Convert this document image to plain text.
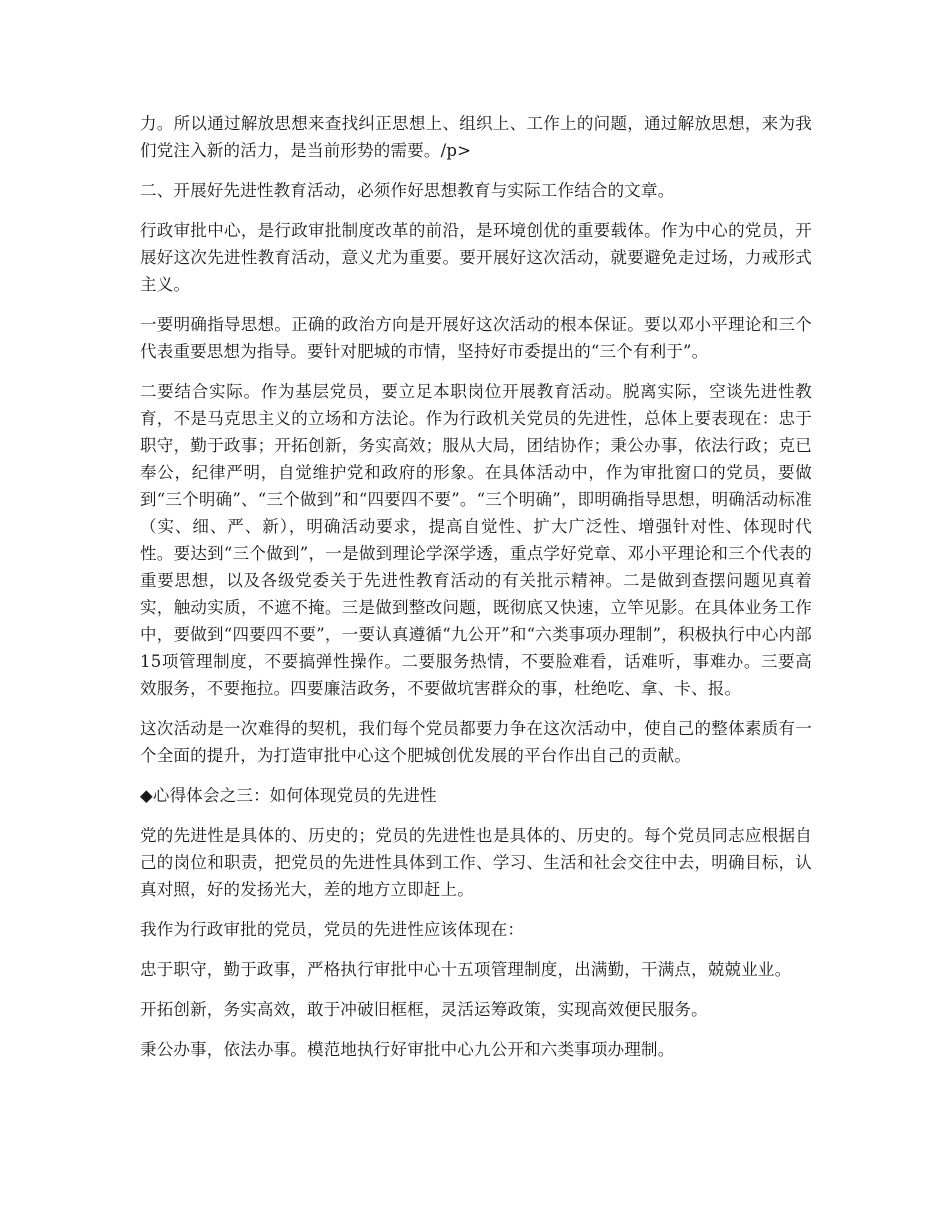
力。所以通过解放思想来查找纠正思想上、组织上、工作上的问题，通过解放思想，来为我们党注入新的活力，是当前形势的需要。/p>

二、开展好先进性教育活动，必须作好思想教育与实际工作结合的文章。

行政审批中心，是行政审批制度改革的前沿，是环境创优的重要载体。作为中心的党员，开展好这次先进性教育活动，意义尤为重要。要开展好这次活动，就要避免走过场，力戒形式主义。

一要明确指导思想。正确的政治方向是开展好这次活动的根本保证。要以邓小平理论和三个代表重要思想为指导。要针对肥城的市情，坚持好市委提出的“三个有利于”。

二要结合实际。作为基层党员，要立足本职岗位开展教育活动。脱离实际，空谈先进性教育，不是马克思主义的立场和方法论。作为行政机关党员的先进性，总体上要表现在：忠于职守，勤于政事；开拓创新，务实高效；服从大局，团结协作；秉公办事，依法行政；克已奉公，纪律严明，自觉维护党和政府的形象。在具体活动中，作为审批窗口的党员，要做到“三个明确”、“三个做到”和“四要四不要”。“三个明确”，即明确指导思想，明确活动标准（实、细、严、新），明确活动要求，提高自觉性、扩大广泛性、增强针对性、体现时代性。要达到“三个做到”，一是做到理论学深学透，重点学好党章、邓小平理论和三个代表的重要思想，以及各级党委关于先进性教育活动的有关批示精神。二是做到查摆问题见真着实，触动实质，不遮不掩。三是做到整改问题，既彻底又快速，立竿见影。在具体业务工作中，要做到“四要四不要”，一要认真遵循“九公开”和“六类事项办理制”，积极执行中心内部15项管理制度，不要搞弹性操作。二要服务热情，不要脸难看，话难听，事难办。三要高效服务，不要拖拉。四要廉洁政务，不要做坑害群众的事，杜绝吃、拿、卡、报。

这次活动是一次难得的契机，我们每个党员都要力争在这次活动中，使自己的整体素质有一个全面的提升，为打造审批中心这个肥城创优发展的平台作出自己的贡献。

◆心得体会之三：如何体现党员的先进性

党的先进性是具体的、历史的；党员的先进性也是具体的、历史的。每个党员同志应根据自己的岗位和职责，把党员的先进性具体到工作、学习、生活和社会交往中去，明确目标，认真对照，好的发扬光大，差的地方立即赶上。

我作为行政审批的党员，党员的先进性应该体现在：

忠于职守，勤于政事，严格执行审批中心十五项管理制度，出满勤，干满点，兢兢业业。

开拓创新，务实高效，敢于冲破旧框框，灵活运筹政策，实现高效便民服务。

秉公办事，依法办事。模范地执行好审批中心九公开和六类事项办理制。
